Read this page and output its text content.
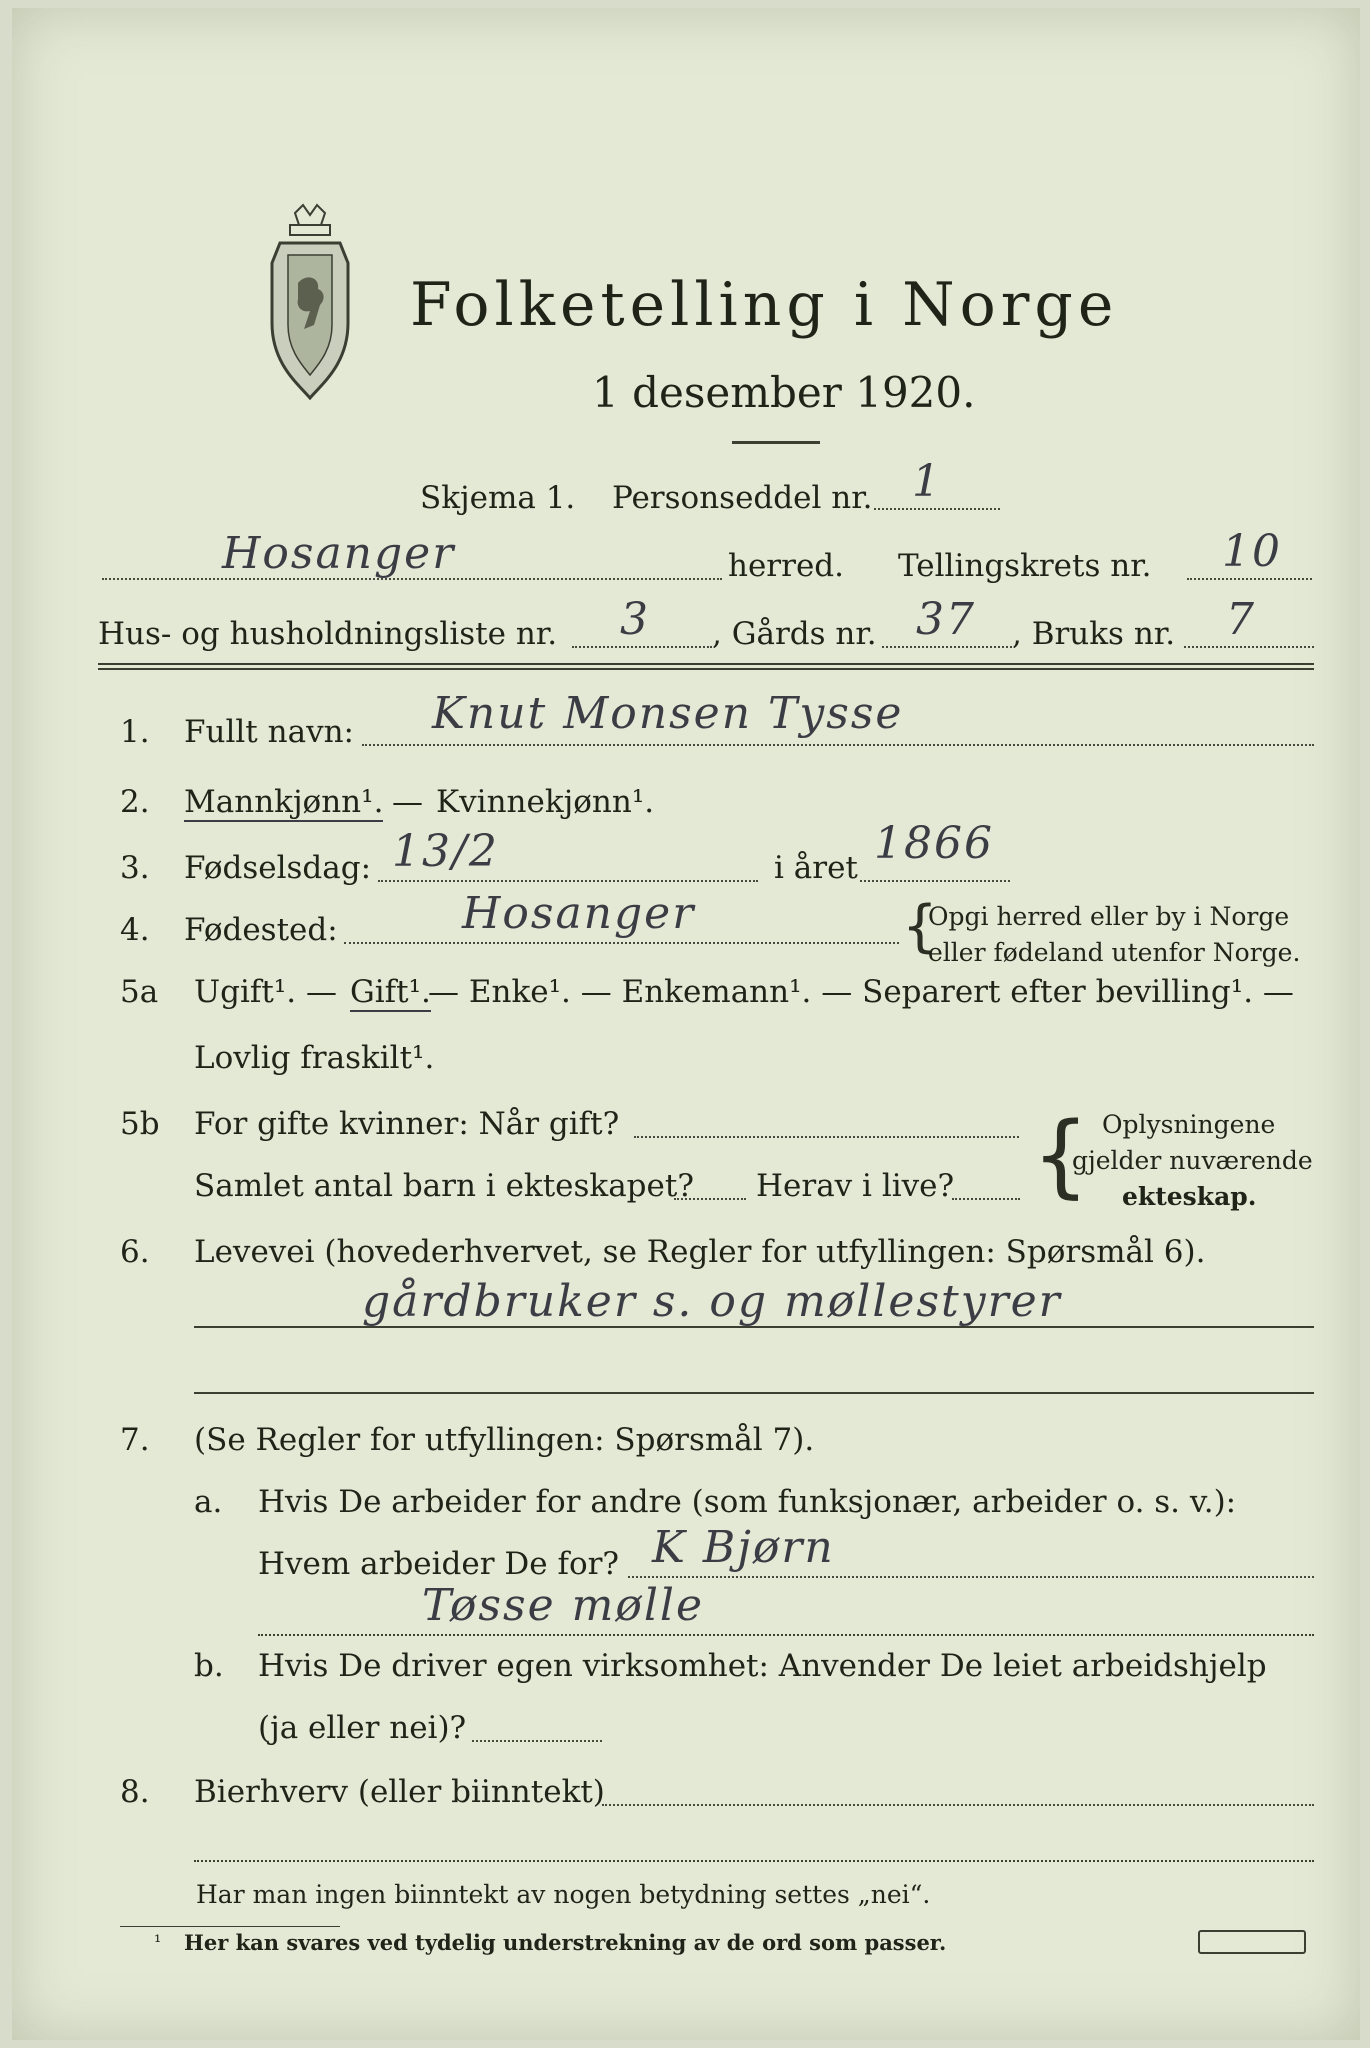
Folketelling i Norge
1 desember 1920.
Skjema 1. Personseddel nr. 1
Hosanger	herred. Tellingskrets nr. 10
Hus- og husholdningsliste nr. 3 , Gårds nr. 37 , Bruks nr. 7
1. Fullt navn: Knut Monsen Tysse
2. Mannkjønn¹. — Kvinnekjønn¹.
3. Fødselsdag: 13/2	i året 1866
4. Fødested:	Hosanger	{
Opgi herred eller by i Norge
eller fødeland utenfor Norge.
5a Ugift¹. — Gift¹.
— Enke¹. — Enkemann¹. — Separert efter bevilling¹. —
Lovlig fraskilt¹.
5b For gifte kvinner: Når gift?
Samlet antal barn i ekteskapet? Herav i live? { Oplysningene
gjelder nuværende
ekteskap.
6. Levevei (hovederhvervet, se Regler for utfyllingen: Spørsmål 6).
gårdbruker s. og møllestyrer
7. (Se Regler for utfyllingen: Spørsmål 7).
a. Hvis De arbeider for andre (som funksjonær, arbeider o. s. v.):
Hvem arbeider De for? K Bjørn
Tøsse mølle
b. Hvis De driver egen virksomhet: Anvender De leiet arbeidshjelp
(ja eller nei)?
8. Bierhverv (eller biinntekt)
Har man ingen biinntekt av nogen betydning settes „nei“.
¹ Her kan svares ved tydelig understrekning av de ord som passer.
